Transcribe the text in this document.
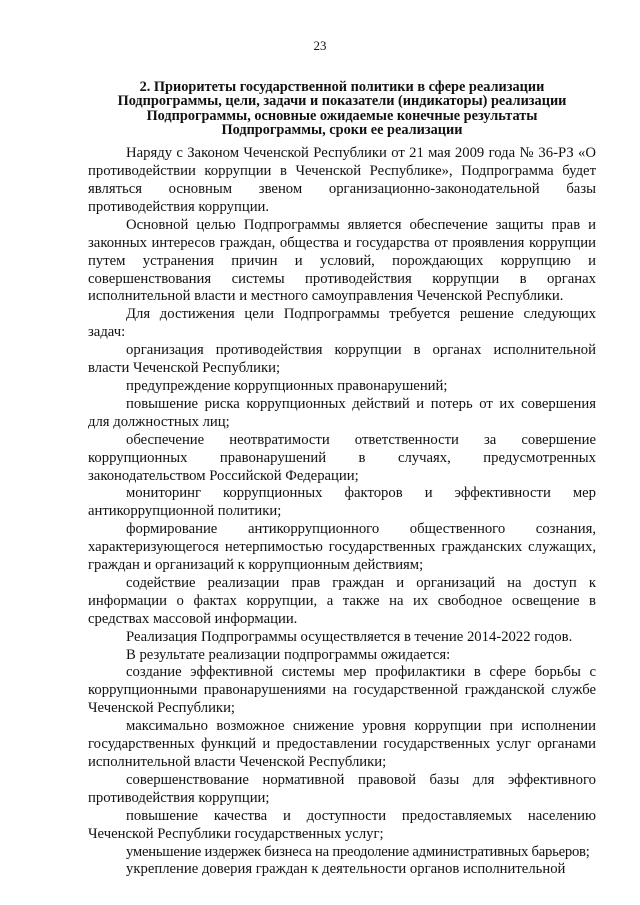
23
2. Приоритеты государственной политики в сфере реализации
Подпрограммы, цели, задачи и показатели (индикаторы) реализации
Подпрограммы, основные ожидаемые конечные результаты
Подпрограммы, сроки ее реализации

Наряду с Законом Чеченской Республики от 21 мая 2009 года № 36-РЗ «О противодействии коррупции в Чеченской Республике», Подпрограмма будет являться основным звеном организационно-законодательной базы противодействия коррупции.

Основной целью Подпрограммы является обеспечение защиты прав и законных интересов граждан, общества и государства от проявления коррупции путем устранения причин и условий, порождающих коррупцию и совершенствования системы противодействия коррупции в органах исполнительной власти и местного самоуправления Чеченской Республики.

Для достижения цели Подпрограммы требуется решение следующих задач:

организация противодействия коррупции в органах исполнительной власти Чеченской Республики;

предупреждение коррупционных правонарушений;

повышение риска коррупционных действий и потерь от их совершения для должностных лиц;

обеспечение неотвратимости ответственности за совершение коррупционных правонарушений в случаях, предусмотренных законодательством Российской Федерации;

мониторинг коррупционных факторов и эффективности мер антикоррупционной политики;

формирование антикоррупционного общественного сознания, характеризующегося нетерпимостью государственных гражданских служащих, граждан и организаций к коррупционным действиям;

содействие реализации прав граждан и организаций на доступ к информации о фактах коррупции, а также на их свободное освещение в средствах массовой информации.

Реализация Подпрограммы осуществляется в течение 2014-2022 годов.

В результате реализации подпрограммы ожидается:

создание эффективной системы мер профилактики в сфере борьбы с коррупционными правонарушениями на государственной гражданской службе Чеченской Республики;

максимально возможное снижение уровня коррупции при исполнении государственных функций и предоставлении государственных услуг органами исполнительной власти Чеченской Республики;

совершенствование нормативной правовой базы для эффективного противодействия коррупции;

повышение качества и доступности предоставляемых населению Чеченской Республики государственных услуг;

уменьшение издержек бизнеса на преодоление административных барьеров;

укрепление доверия граждан к деятельности органов исполнительной
